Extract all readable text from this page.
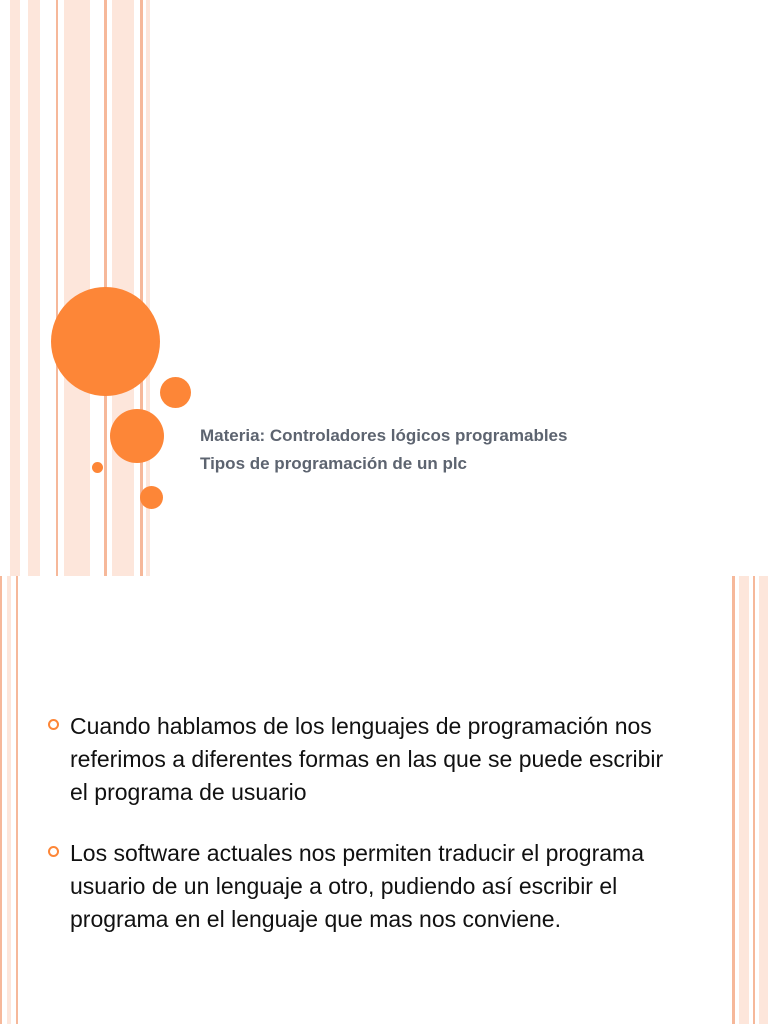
Materia: Controladores lógicos programables
Tipos de programación de un plc
Cuando hablamos de los lenguajes de programación nos referimos a diferentes formas en las que se puede escribir el programa de usuario
Los software actuales nos permiten traducir el programa usuario de un lenguaje a otro, pudiendo así escribir el programa en el lenguaje que mas nos conviene.
